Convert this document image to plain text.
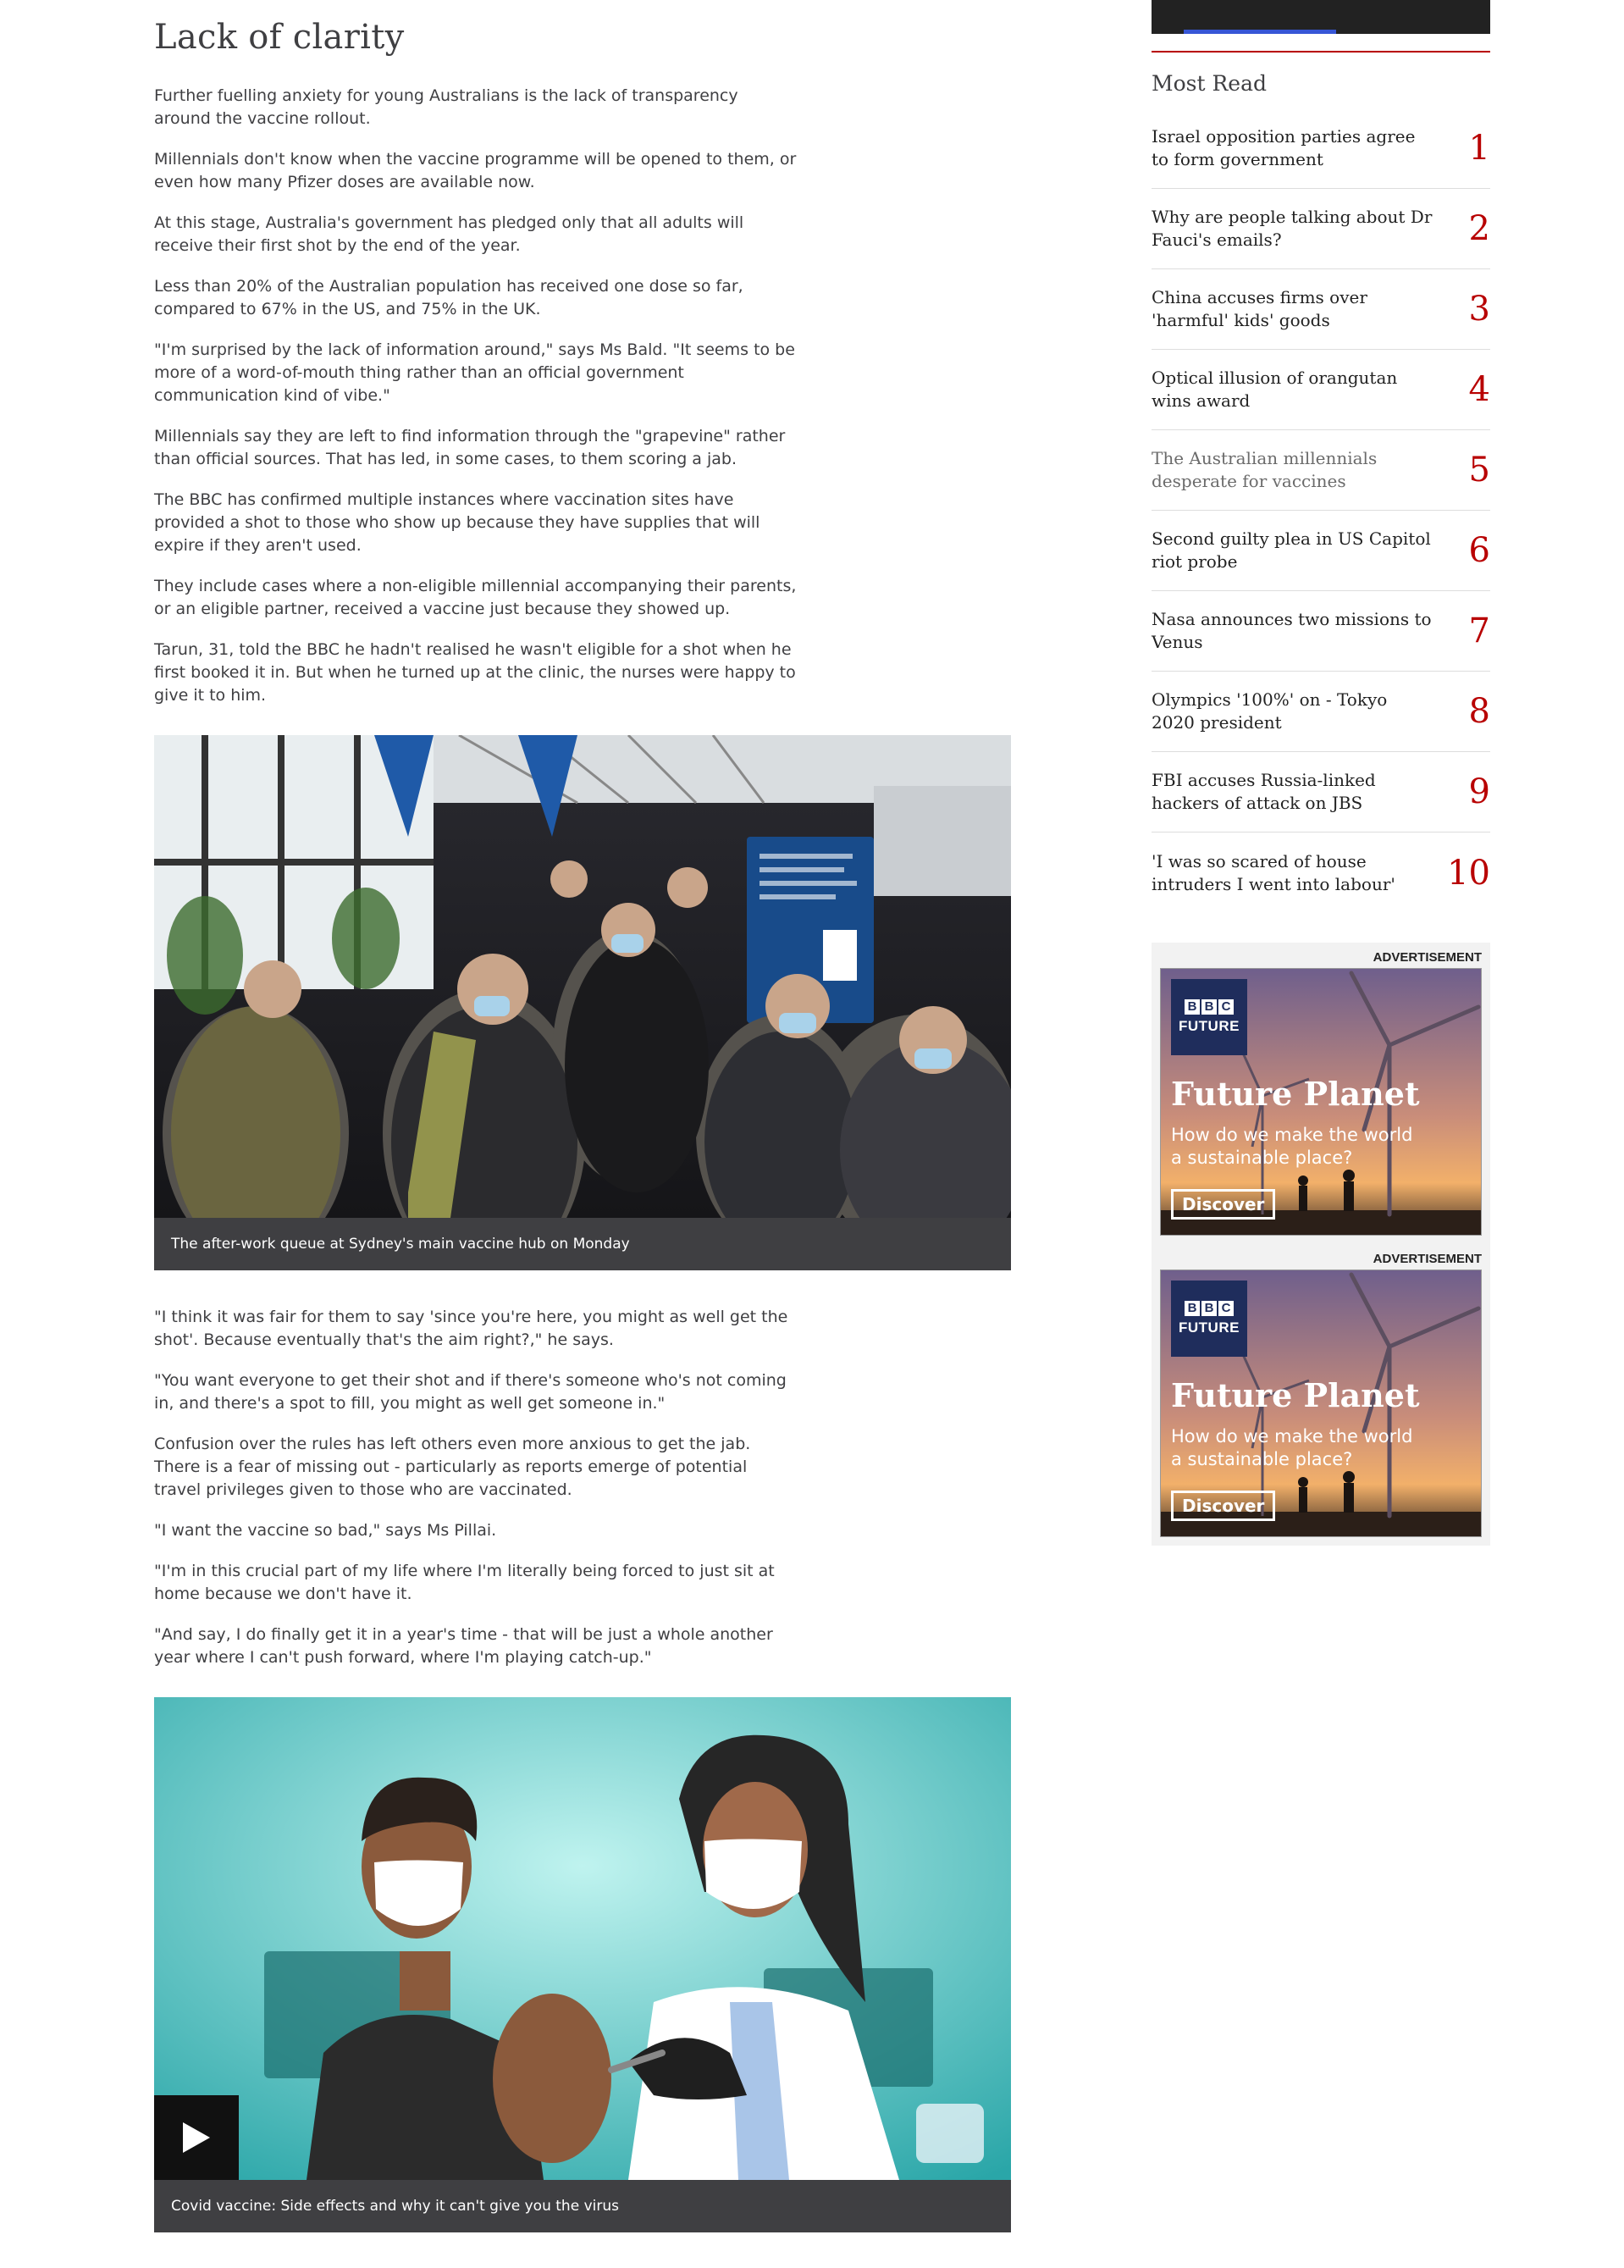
Lack of clarity

Further fuelling anxiety for young Australians is the lack of transparency around the vaccine rollout.

Millennials don't know when the vaccine programme will be opened to them, or even how many Pfizer doses are available now.

At this stage, Australia's government has pledged only that all adults will receive their first shot by the end of the year.

Less than 20% of the Australian population has received one dose so far, compared to 67% in the US, and 75% in the UK.

"I'm surprised by the lack of information around," says Ms Bald. "It seems to be more of a word-of-mouth thing rather than an official government communication kind of vibe."

Millennials say they are left to find information through the "grapevine" rather than official sources. That has led, in some cases, to them scoring a jab.

The BBC has confirmed multiple instances where vaccination sites have provided a shot to those who show up because they have supplies that will expire if they aren't used.

They include cases where a non-eligible millennial accompanying their parents, or an eligible partner, received a vaccine just because they showed up.

Tarun, 31, told the BBC he hadn't realised he wasn't eligible for a shot when he first booked it in. But when he turned up at the clinic, the nurses were happy to give it to him.

The after-work queue at Sydney's main vaccine hub on Monday

"I think it was fair for them to say 'since you're here, you might as well get the shot'. Because eventually that's the aim right?," he says.

"You want everyone to get their shot and if there's someone who's not coming in, and there's a spot to fill, you might as well get someone in."

Confusion over the rules has left others even more anxious to get the jab. There is a fear of missing out - particularly as reports emerge of potential travel privileges given to those who are vaccinated.

"I want the vaccine so bad," says Ms Pillai.

"I'm in this crucial part of my life where I'm literally being forced to just sit at home because we don't have it.

"And say, I do finally get it in a year's time - that will be just a whole another year where I can't push forward, where I'm playing catch-up."

Covid vaccine: Side effects and why it can't give you the virus
Most Read
Israel opposition parties agree to form government	1
Why are people talking about Dr Fauci's emails?	2
China accuses firms over 'harmful' kids' goods	3
Optical illusion of orangutan wins award	4
The Australian millennials desperate for vaccines	5
Second guilty plea in US Capitol riot probe	6
Nasa announces two missions to Venus	7
Olympics '100%' on - Tokyo 2020 president	8
FBI accuses Russia-linked hackers of attack on JBS	9
'I was so scared of house intruders I went into labour'	10
ADVERTISEMENT
B B C
FUTURE
Future Planet
How do we make the world a sustainable place?
Discover
ADVERTISEMENT
B B C
FUTURE
Future Planet
How do we make the world a sustainable place?
Discover
